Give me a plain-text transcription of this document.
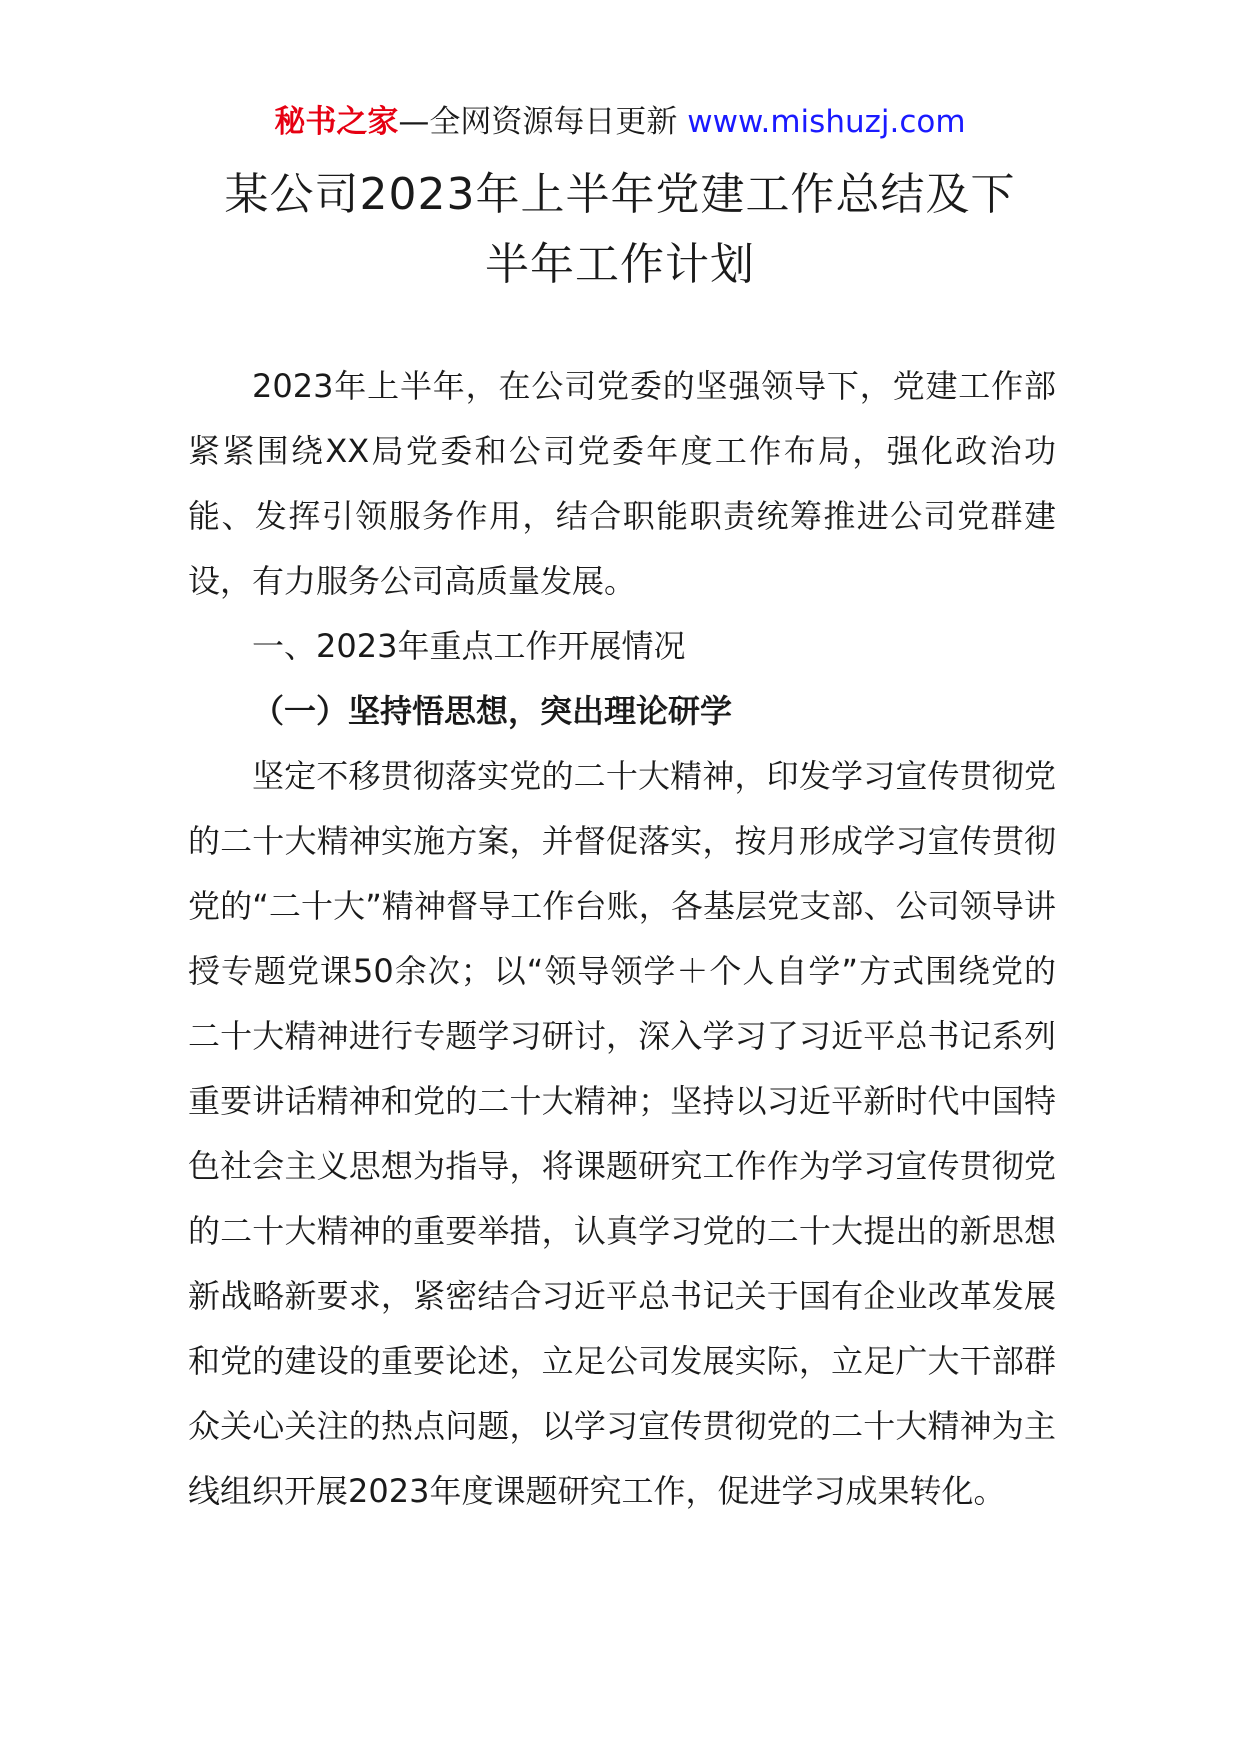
秘书之家—全网资源每日更新 www.mishuzj.com
某公司2023年上半年党建工作总结及下
半年工作计划

2023年上半年，在公司党委的坚强领导下，党建工作部紧紧围绕XX局党委和公司党委年度工作布局，强化政治功能、发挥引领服务作用，结合职能职责统筹推进公司党群建设，有力服务公司高质量发展。

一、2023年重点工作开展情况

（一）坚持悟思想，突出理论研学

坚定不移贯彻落实党的二十大精神，印发学习宣传贯彻党的二十大精神实施方案，并督促落实，按月形成学习宣传贯彻党的“二十大”精神督导工作台账，各基层党支部、公司领导讲授专题党课50余次；以“领导领学＋个人自学”方式围绕党的二十大精神进行专题学习研讨，深入学习了习近平总书记系列重要讲话精神和党的二十大精神；坚持以习近平新时代中国特色社会主义思想为指导，将课题研究工作作为学习宣传贯彻党的二十大精神的重要举措，认真学习党的二十大提出的新思想新战略新要求，紧密结合习近平总书记关于国有企业改革发展和党的建设的重要论述，立足公司发展实际，立足广大干部群众关心关注的热点问题，以学习宣传贯彻党的二十大精神为主线组织开展2023年度课题研究工作，促进学习成果转化。
